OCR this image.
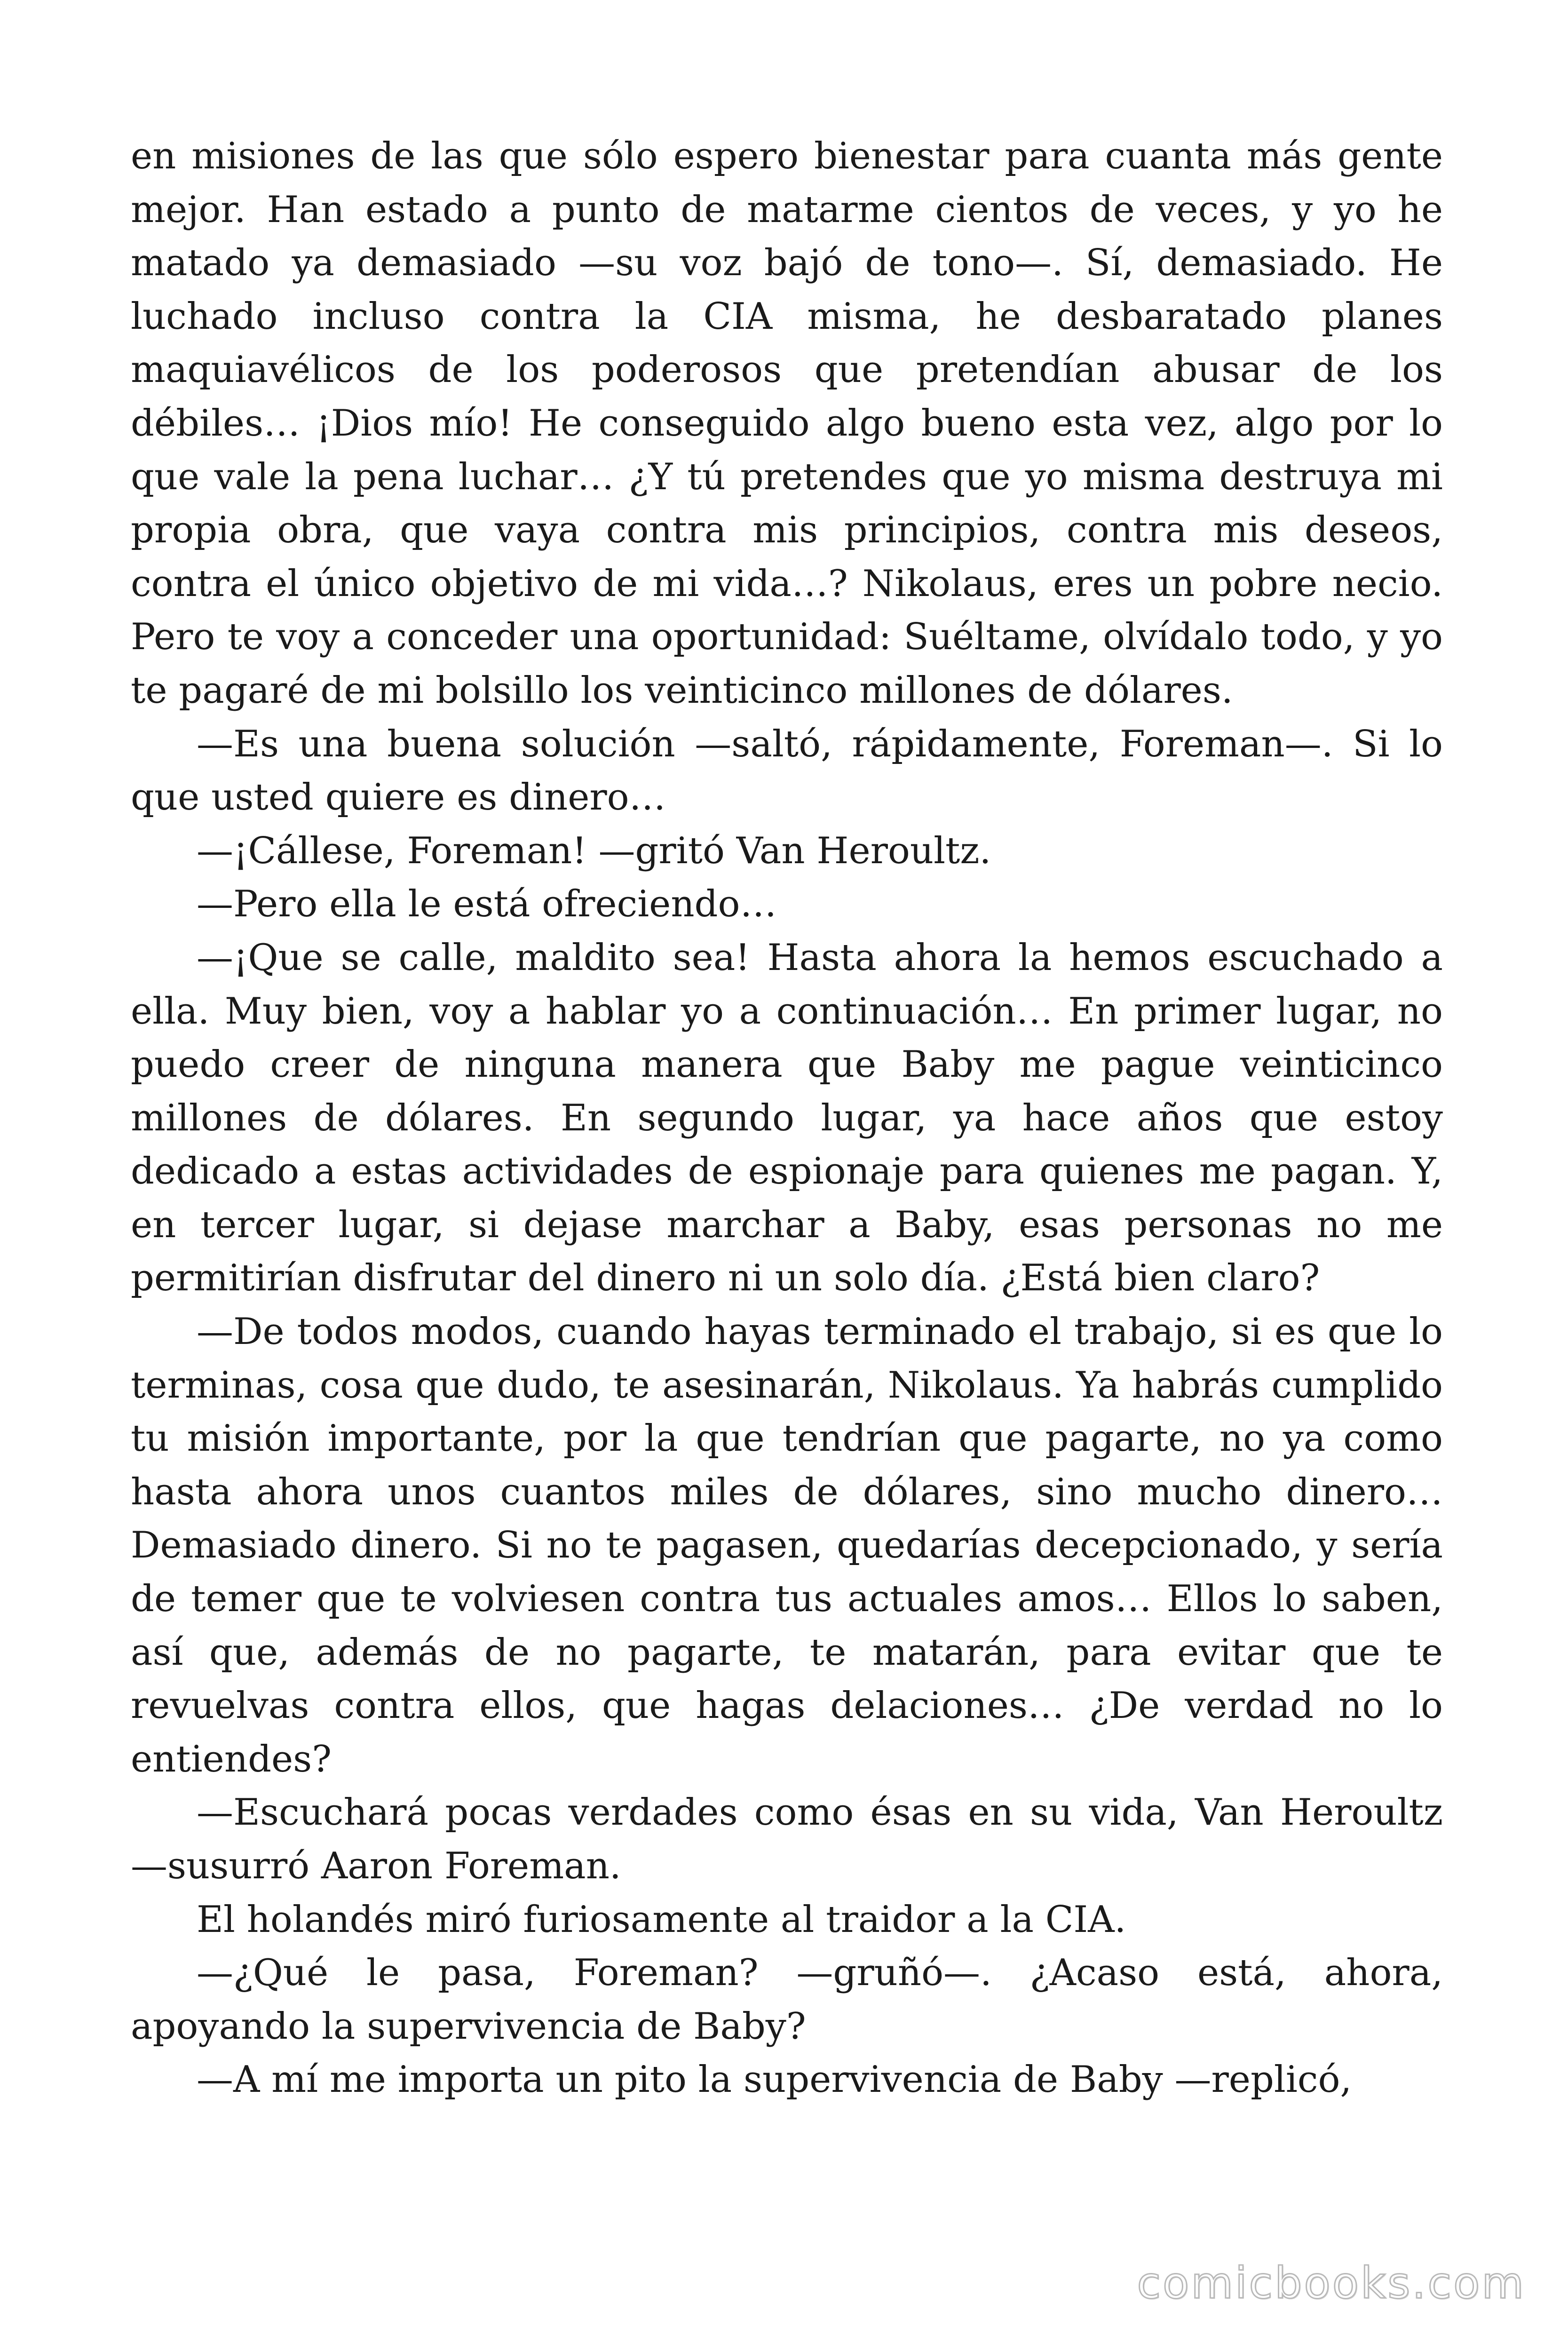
en misiones de las que sólo espero bienestar para cuanta más gente mejor. Han estado a punto de matarme cientos de veces, y yo he matado ya demasiado —su voz bajó de tono—. Sí, demasiado. He luchado incluso contra la CIA misma, he desbaratado planes maquiavélicos de los poderosos que pretendían abusar de los débiles… ¡Dios mío! He conseguido algo bueno esta vez, algo por lo que vale la pena luchar… ¿Y tú pretendes que yo misma destruya mi propia obra, que vaya contra mis principios, contra mis deseos, contra el único objetivo de mi vida…? Nikolaus, eres un pobre necio. Pero te voy a conceder una oportunidad: Suéltame, olvídalo todo, y yo te pagaré de mi bolsillo los veinticinco millones de dólares.

—Es una buena solución —saltó, rápidamente, Foreman—. Si lo que usted quiere es dinero…

—¡Cállese, Foreman! —gritó Van Heroultz.

—Pero ella le está ofreciendo…

—¡Que se calle, maldito sea! Hasta ahora la hemos escuchado a ella. Muy bien, voy a hablar yo a continuación… En primer lugar, no puedo creer de ninguna manera que Baby me pague veinticinco millones de dólares. En segundo lugar, ya hace años que estoy dedicado a estas actividades de espionaje para quienes me pagan. Y, en tercer lugar, si dejase marchar a Baby, esas personas no me permitirían disfrutar del dinero ni un solo día. ¿Está bien claro?

—De todos modos, cuando hayas terminado el trabajo, si es que lo terminas, cosa que dudo, te asesinarán, Nikolaus. Ya habrás cumplido tu misión importante, por la que tendrían que pagarte, no ya como hasta ahora unos cuantos miles de dólares, sino mucho dinero… Demasiado dinero. Si no te pagasen, quedarías decepcionado, y sería de temer que te volviesen contra tus actuales amos… Ellos lo saben, así que, además de no pagarte, te matarán, para evitar que te revuelvas contra ellos, que hagas delaciones… ¿De verdad no lo entiendes?

—Escuchará pocas verdades como ésas en su vida, Van Heroultz —susurró Aaron Foreman.

El holandés miró furiosamente al traidor a la CIA.

—¿Qué le pasa, Foreman? —gruñó—. ¿Acaso está, ahora, apoyando la supervivencia de Baby?

—A mí me importa un pito la supervivencia de Baby —replicó,

comicbooks.com
